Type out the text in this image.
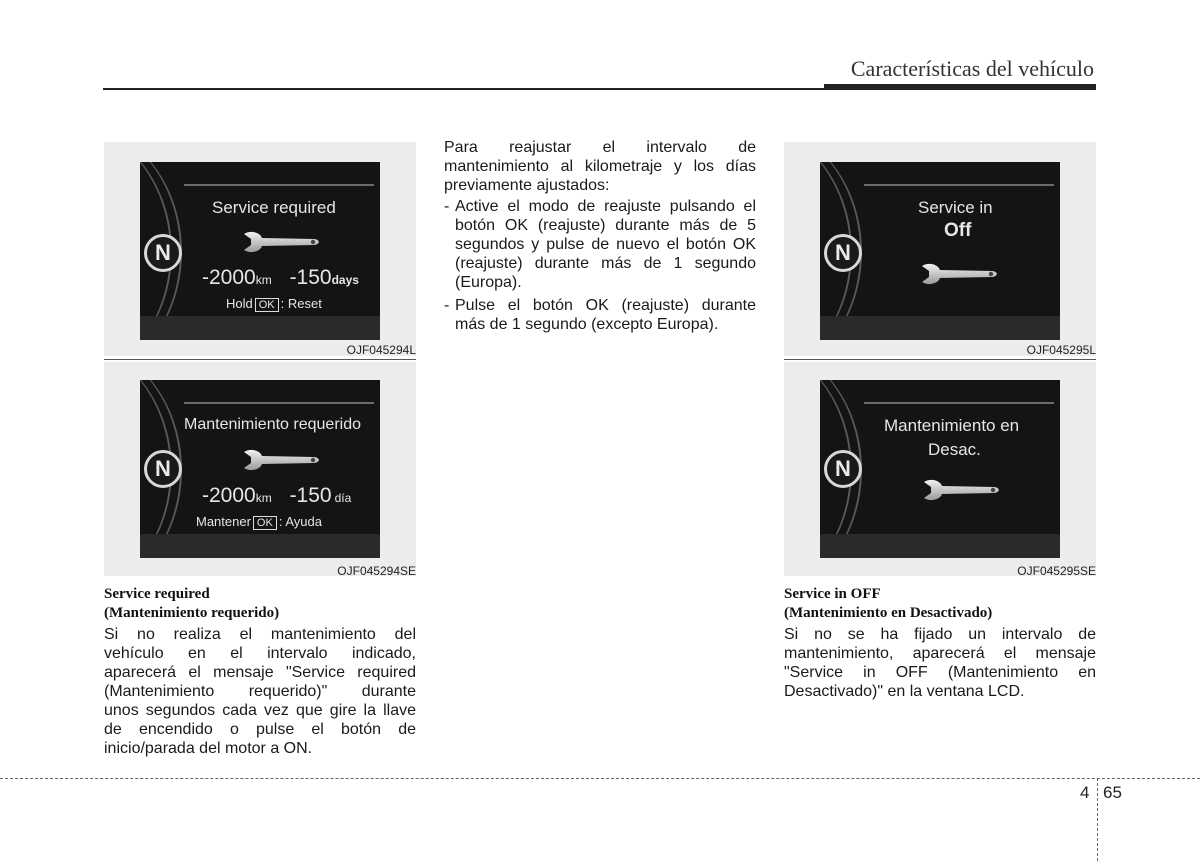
Características del vehículo
N
Service required
-2000km -150days
Hold OK : Reset
OJF045294L
N
Mantenimiento requerido
-2000km -150 día
Mantener OK : Ayuda
OJF045294SE
Service required
(Mantenimiento requerido)
Si no realiza el mantenimiento del
vehículo en el intervalo indicado,
aparecerá el mensaje "Service required
(Mantenimiento requerido)" durante
unos segundos cada vez que gire la llave
de encendido o pulse el botón de
inicio/parada del motor a ON.
Para reajustar el intervalo de
mantenimiento al kilometraje y los días
previamente ajustados:
- Active el modo de reajuste pulsando el
botón OK (reajuste) durante más de 5
segundos y pulse de nuevo el botón OK
(reajuste) durante más de 1 segundo
(Europa).
- Pulse el botón OK (reajuste) durante
más de 1 segundo (excepto Europa).
N
Service in
Off
OJF045295L
N
Mantenimiento en
Desac.
OJF045295SE
Service in OFF
(Mantenimiento en Desactivado)
Si no se ha fijado un intervalo de
mantenimiento, aparecerá el mensaje
"Service in OFF (Mantenimiento en
Desactivado)" en la ventana LCD.
4 65
